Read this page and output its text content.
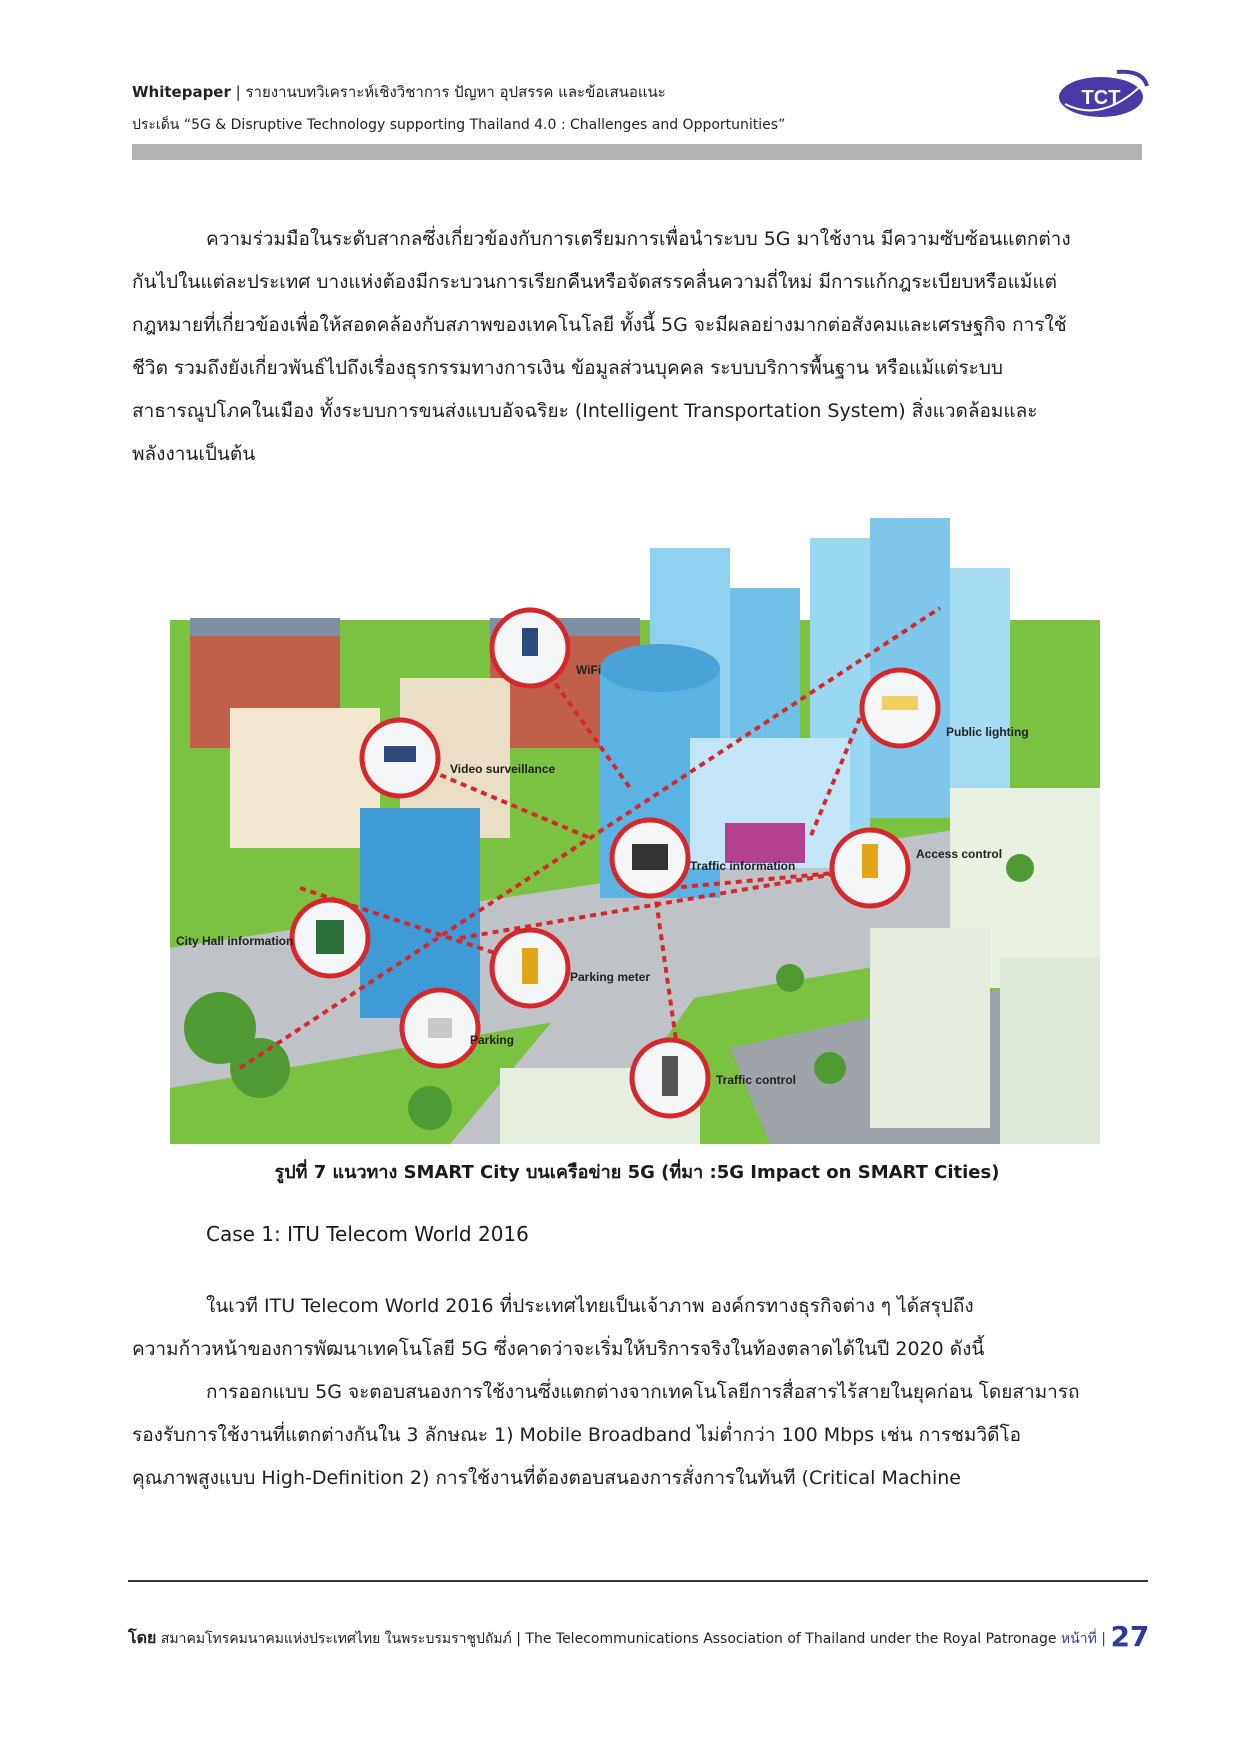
Whitepaper | รายงานบทวิเคราะห์เชิงวิชาการ ปัญหา อุปสรรค และข้อเสนอแนะ
ประเด็น “5G & Disruptive Technology supporting Thailand 4.0 : Challenges and Opportunities”
TCT
ความร่วมมือในระดับสากลซึ่งเกี่ยวข้องกับการเตรียมการเพื่อนำระบบ 5G มาใช้งาน มีความซับซ้อนแตกต่าง
กันไปในแต่ละประเทศ บางแห่งต้องมีกระบวนการเรียกคืนหรือจัดสรรคลื่นความถี่ใหม่ มีการแก้กฎระเบียบหรือแม้แต่
กฎหมายที่เกี่ยวข้องเพื่อให้สอดคล้องกับสภาพของเทคโนโลยี ทั้งนี้ 5G จะมีผลอย่างมากต่อสังคมและเศรษฐกิจ การใช้
ชีวิต รวมถึงยังเกี่ยวพันธ์ไปถึงเรื่องธุรกรรมทางการเงิน ข้อมูลส่วนบุคคล ระบบบริการพื้นฐาน หรือแม้แต่ระบบ
สาธารณูปโภคในเมือง ทั้งระบบการขนส่งแบบอัจฉริยะ (Intelligent Transportation System) สิ่งแวดล้อมและ
พลังงานเป็นต้น
WiFi
Video surveillance
Public lighting
Access control
Traffic information
City Hall information
Parking meter
Parking
Traffic control
รูปที่ 7 แนวทาง SMART City บนเครือข่าย 5G (ที่มา :5G Impact on SMART Cities)
Case 1: ITU Telecom World 2016
ในเวที ITU Telecom World 2016 ที่ประเทศไทยเป็นเจ้าภาพ องค์กรทางธุรกิจต่าง ๆ ได้สรุปถึง
ความก้าวหน้าของการพัฒนาเทคโนโลยี 5G ซึ่งคาดว่าจะเริ่มให้บริการจริงในท้องตลาดได้ในปี 2020 ดังนี้
การออกแบบ 5G จะตอบสนองการใช้งานซึ่งแตกต่างจากเทคโนโลยีการสื่อสารไร้สายในยุคก่อน โดยสามารถ
รองรับการใช้งานที่แตกต่างกันใน 3 ลักษณะ 1) Mobile Broadband ไม่ต่ำกว่า 100 Mbps เช่น การชมวิดีโอ
คุณภาพสูงแบบ High-Definition 2) การใช้งานที่ต้องตอบสนองการสั่งการในทันที (Critical Machine
โดย สมาคมโทรคมนาคมแห่งประเทศไทย ในพระบรมราชูปถัมภ์ | The Telecommunications Association of Thailand under the Royal Patronage หน้าที่ | 27
